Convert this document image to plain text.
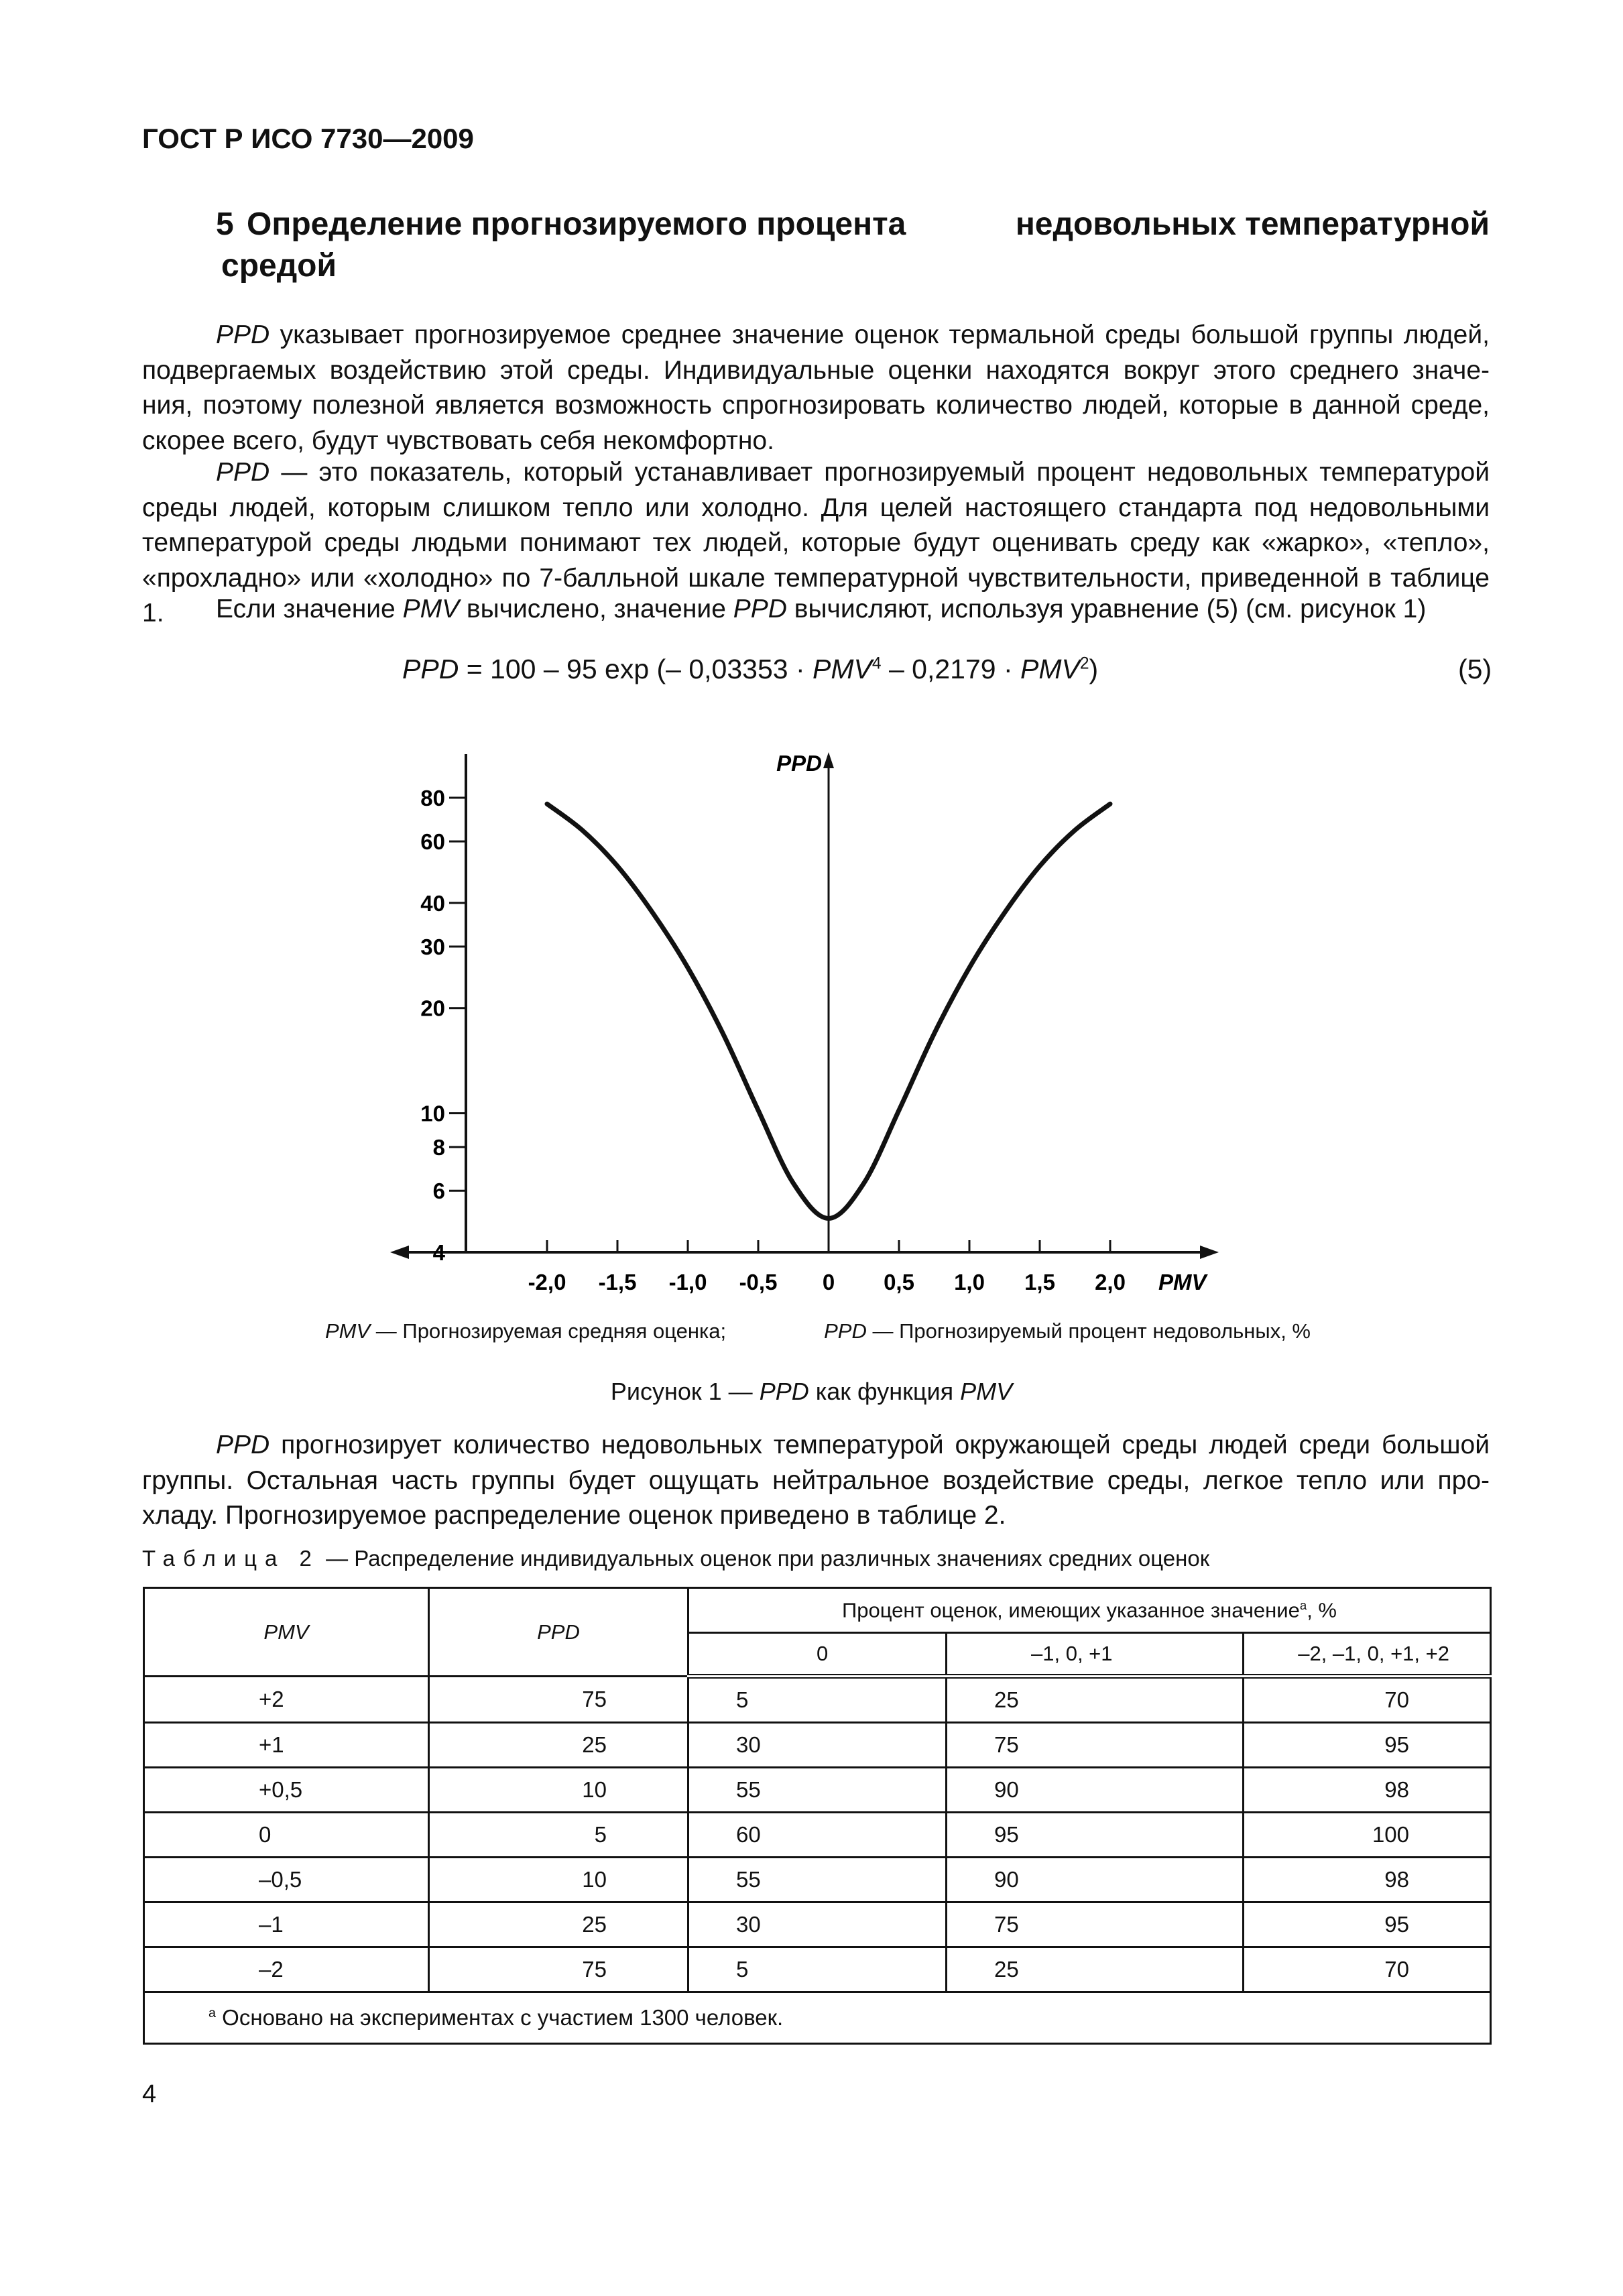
ГОСТ Р ИСО 7730—2009
5 Определение прогнозируемого процента	недовольных температурной
средой
PPD указывает прогнозируемое среднее значение оценок термальной среды большой группы людей,
подвергаемых воздействию этой среды. Индивидуальные оценки находятся вокруг этого среднего значе-
ния, поэтому полезной является возможность спрогнозировать количество людей, которые в данной среде,
скорее всего, будут чувствовать себя некомфортно.
PPD — это показатель, который устанавливает прогнозируемый процент недовольных температурой
среды людей, которым слишком тепло или холодно. Для целей настоящего стандарта под недовольными
температурой среды людьми понимают тех людей, которые будут оценивать среду как «жарко», «тепло»,
«прохладно» или «холодно» по 7-балльной шкале температурной чувствительности, приведенной в таблице 1.	Если значение PMV вычислено, значение PPD вычисляют, используя уравнение (5) (см. рисунок 1)
PPD = 100 – 95 exp (– $0,03353 \cdot PMV^4 - 0,2179 \cdot PMV^2$)	(5)
PPD
PMV
-2,0 -1,5 -1,0 -0,5 0 0,5 1,0 1,5 2,0
4
6
8
10
20
30
40
60
80
PMV — Прогнозируемая средняя оценка;	PPD — Прогнозируемый процент недовольных, %
Рисунок 1 — PPD как функция PMV
PPD прогнозирует количество недовольных температурой окружающей среды людей среди большой
группы. Остальная часть группы будет ощущать нейтральное воздействие среды, легкое тепло или про-
хладу. Прогнозируемое распределение оценок приведено в таблице 2.
Таблица 2 — Распределение индивидуальных оценок при различных значениях средних оценок
PMV	PPD	Процент оценок, имеющих указанное значение$^а$, %		
		0	–1, 0, +1	–2, –1, 0, +1, +2
+2	75	5	25	70
+1	25	30	75	95
+0,5	10	55	90	98
0	5	60	95	100
–0,5	10	55	90	98
–1	25	30	75	95
–2	75	5	25	70
$^а$ Основано на экспериментах с участием 1300 человек.				
4
